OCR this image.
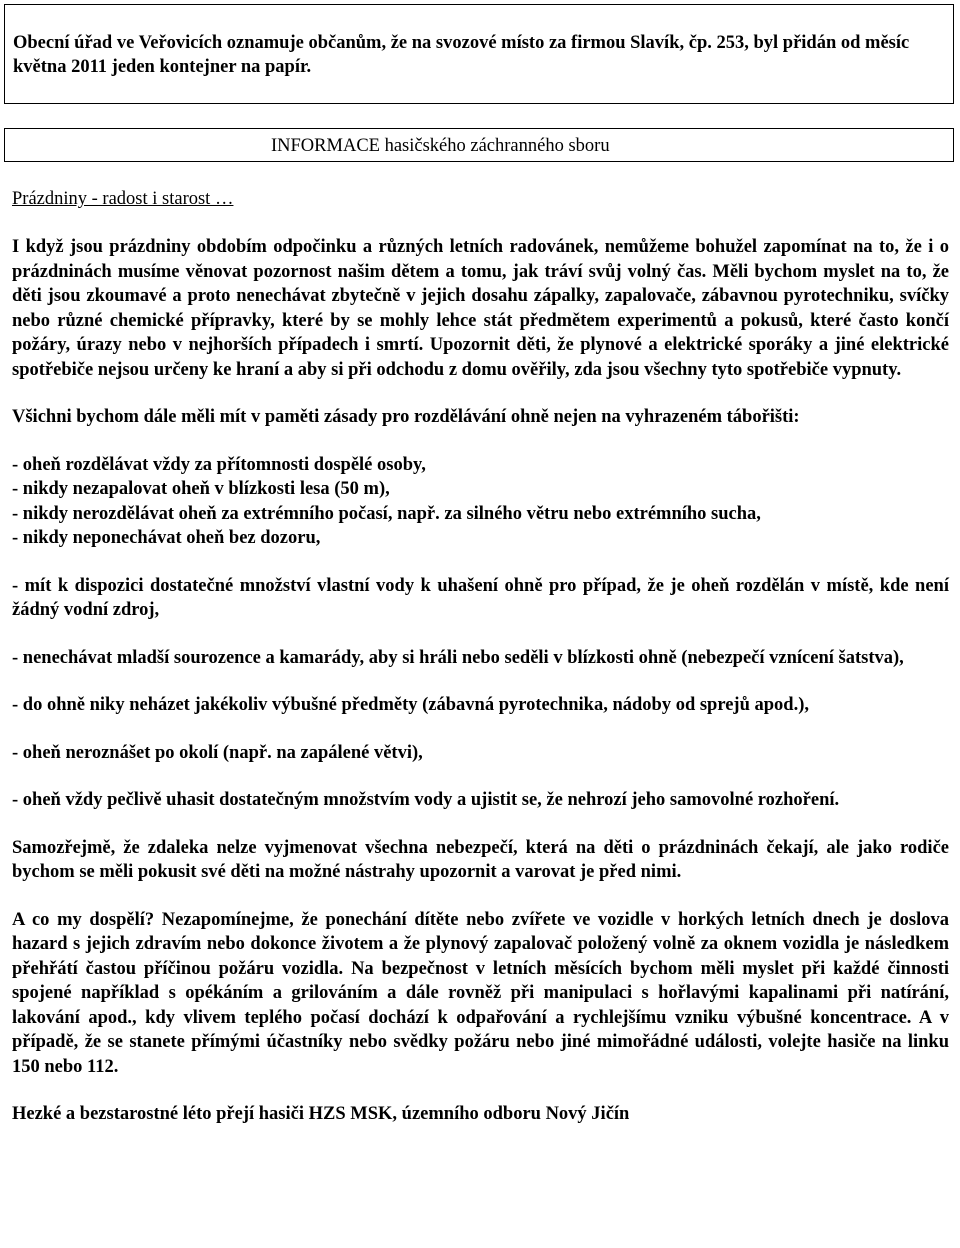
Obecní úřad ve Veřovicích oznamuje občanům, že na svozové místo za firmou Slavík, čp. 253, byl přidán od měsíc května 2011 jeden kontejner na papír.
INFORMACE hasičského záchranného sboru
Prázdniny - radost i starost …

I když jsou prázdniny obdobím odpočinku a různých letních radovánek, nemůžeme bohužel zapomínat na to, že i o prázdninách musíme věnovat pozornost našim dětem a tomu, jak tráví svůj volný čas. Měli bychom myslet na to, že děti jsou zkoumavé a proto nenechávat zbytečně v jejich dosahu zápalky, zapalovače, zábavnou pyrotechniku, svíčky nebo různé chemické přípravky, které by se mohly lehce stát předmětem experimentů a pokusů, které často končí požáry, úrazy nebo v nejhorších případech i smrtí. Upozornit děti, že plynové a elektrické sporáky a jiné elektrické spotřebiče nejsou určeny ke hraní a aby si při odchodu z domu ověřily, zda jsou všechny tyto spotřebiče vypnuty.

Všichni bychom dále měli mít v paměti zásady pro rozdělávání ohně nejen na vyhrazeném tábořišti:

- oheň rozdělávat vždy za přítomnosti dospělé osoby,
- nikdy nezapalovat oheň v blízkosti lesa (50 m),
- nikdy nerozdělávat oheň za extrémního počasí, např. za silného větru nebo extrémního sucha,
- nikdy neponechávat oheň bez dozoru,

- mít k dispozici dostatečné množství vlastní vody k uhašení ohně pro případ, že je oheň rozdělán v místě, kde není žádný vodní zdroj,

- nenechávat mladší sourozence a kamarády, aby si hráli nebo seděli v blízkosti ohně (nebezpečí vznícení šatstva),

- do ohně niky neházet jakékoliv výbušné předměty (zábavná pyrotechnika, nádoby od sprejů apod.),

- oheň neroznášet po okolí (např. na zapálené větvi),

- oheň vždy pečlivě uhasit dostatečným množstvím vody a ujistit se, že nehrozí jeho samovolné rozhoření.

Samozřejmě, že zdaleka nelze vyjmenovat všechna nebezpečí, která na děti o prázdninách čekají, ale jako rodiče bychom se měli pokusit své děti na možné nástrahy upozornit a varovat je před nimi.

A co my dospělí? Nezapomínejme, že ponechání dítěte nebo zvířete ve vozidle v horkých letních dnech je doslova hazard s jejich zdravím nebo dokonce životem a že plynový zapalovač položený volně za oknem vozidla je následkem přehřátí častou příčinou požáru vozidla. Na bezpečnost v letních měsících bychom měli myslet při každé činnosti spojené například s opékáním a grilováním a dále rovněž při manipulaci s hořlavými kapalinami při natírání, lakování apod., kdy vlivem teplého počasí dochází k odpařování a rychlejšímu vzniku výbušné koncentrace. A v případě, že se stanete přímými účastníky nebo svědky požáru nebo jiné mimořádné události, volejte hasiče na linku 150 nebo 112.

Hezké a bezstarostné léto přejí hasiči HZS MSK, územního odboru Nový Jičín
